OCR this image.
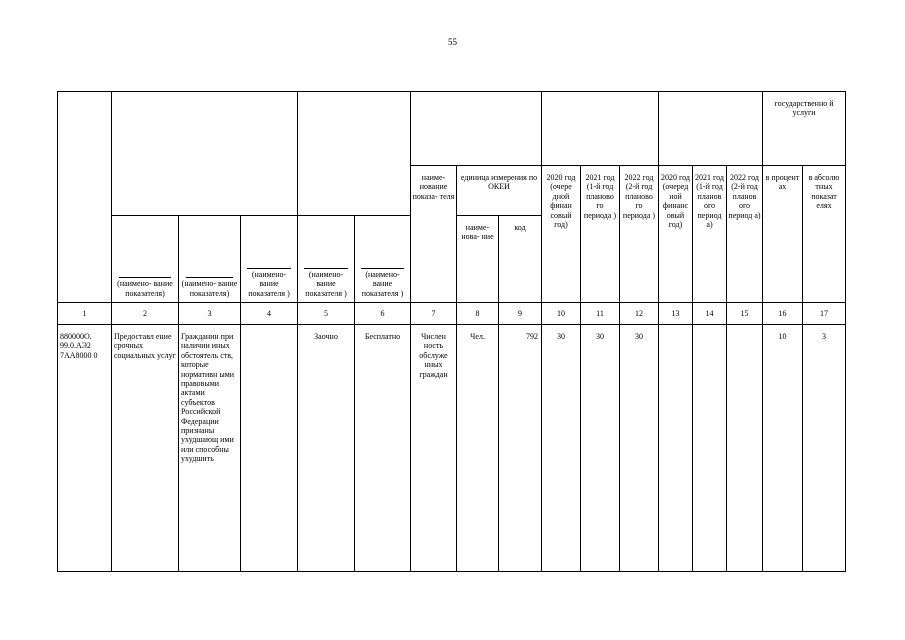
55
															государственно й услуги	
						наиме- нование показа- теля	единица измерения по ОКЕИ		2020 год (очере дной финан совый год)	2021 год (1-й год планово го периода )	2022 год (2-й год планово го периода )	2020 год (очеред ной финанс овый год)	2021 год (1-й год планов ого период а)	2022 год (2-й год планов ого период а)	в процент ах	в абсолю тных показат елях

	(наимено- вание показателя)	(наимено- вание показателя)	(наимено- вание показателя )	(наимено- вание показателя )	(наимено- вание показателя )		наиме- нова- ние	код								
1	2	3	4	5	6	7	8	9	10	11	12	13	14	15	16	17
880000О. 99.0.АЭ2 7АА8000 0	Предоставл ение срочных социальных услуг	Гражданин при наличии иных обстоятель ств, которые нормативн ыми правовыми актами субъектов Российской Федерации признаны ухудшающ ими или способны ухудшить		Заочно	Бесплатно	Числен ность обслуже нных граждан	Чел.	792	30	30	30				10	3
